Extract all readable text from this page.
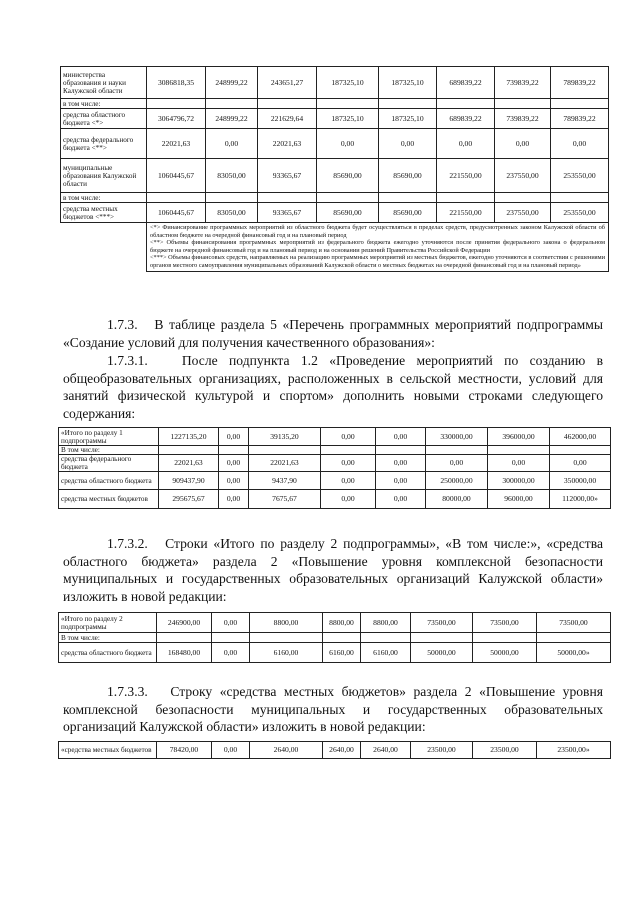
министерства образования и науки Калужской области	3086818,35	248999,22	243651,27	187325,10	187325,10	689839,22	739839,22	789839,22
в том числе:								
средства областного бюджета <*>	3064796,72	248999,22	221629,64	187325,10	187325,10	689839,22	739839,22	789839,22
средства федерального бюджета <**>	22021,63	0,00	22021,63	0,00	0,00	0,00	0,00	0,00
муниципальные образования Калужской области	1060445,67	83050,00	93365,67	85690,00	85690,00	221550,00	237550,00	253550,00
в том числе:								
средства местных бюджетов <***>	1060445,67	83050,00	93365,67	85690,00	85690,00	221550,00	237550,00	253550,00

	<*> Финансирование программных мероприятий из областного бюджета будет осуществляться в пределах средств, предусмотренных законом Калужской области об областном бюджете на очередной финансовый год и на плановый период
<**> Объемы финансирования программных мероприятий из федерального бюджета ежегодно уточняются после принятия федерального закона о федеральном бюджете на очередной финансовый год и на плановый период и на основании решений Правительства Российской Федерации
<***> Объемы финансовых средств, направляемых на реализацию программных мероприятий из местных бюджетов, ежегодно уточняются в соответствии с решениями органов местного самоуправления муниципальных образований Калужской области о местных бюджетах на очередной финансовый год и на плановый период»							
1.7.3.   В таблице раздела 5 «Перечень программных мероприятий подпрограммы «Создание условий для получения качественного образования»:
1.7.3.1.   После подпункта 1.2 «Проведение мероприятий по созданию в общеобразовательных организациях, расположенных в сельской местности, условий для занятий физической культурой и спортом» дополнить новыми строками следующего содержания:
«Итого по разделу 1 подпрограммы	1227135,20	0,00	39135,20	0,00	0,00	330000,00	396000,00	462000,00
В том числе:								
средства федерального бюджета	22021,63	0,00	22021,63	0,00	0,00	0,00	0,00	0,00
средства областного бюджета	909437,90	0,00	9437,90	0,00	0,00	250000,00	300000,00	350000,00
средства местных бюджетов	295675,67	0,00	7675,67	0,00	0,00	80000,00	96000,00	112000,00»
1.7.3.2.   Строки «Итого по разделу 2 подпрограммы», «В том числе:», «средства областного бюджета» раздела 2 «Повышение уровня комплексной безопасности муниципальных и государственных образовательных организаций Калужской области» изложить в новой редакции:
«Итого по разделу 2 подпрограммы	246900,00	0,00	8800,00	8800,00	8800,00	73500,00	73500,00	73500,00
В том числе:								
средства областного бюджета	168480,00	0,00	6160,00	6160,00	6160,00	50000,00	50000,00	50000,00»
1.7.3.3.   Строку «средства местных бюджетов» раздела 2 «Повышение уровня комплексной безопасности муниципальных и государственных образовательных организаций Калужской области» изложить в новой редакции:
«средства местных бюджетов	78420,00	0,00	2640,00	2640,00	2640,00	23500,00	23500,00	23500,00»
